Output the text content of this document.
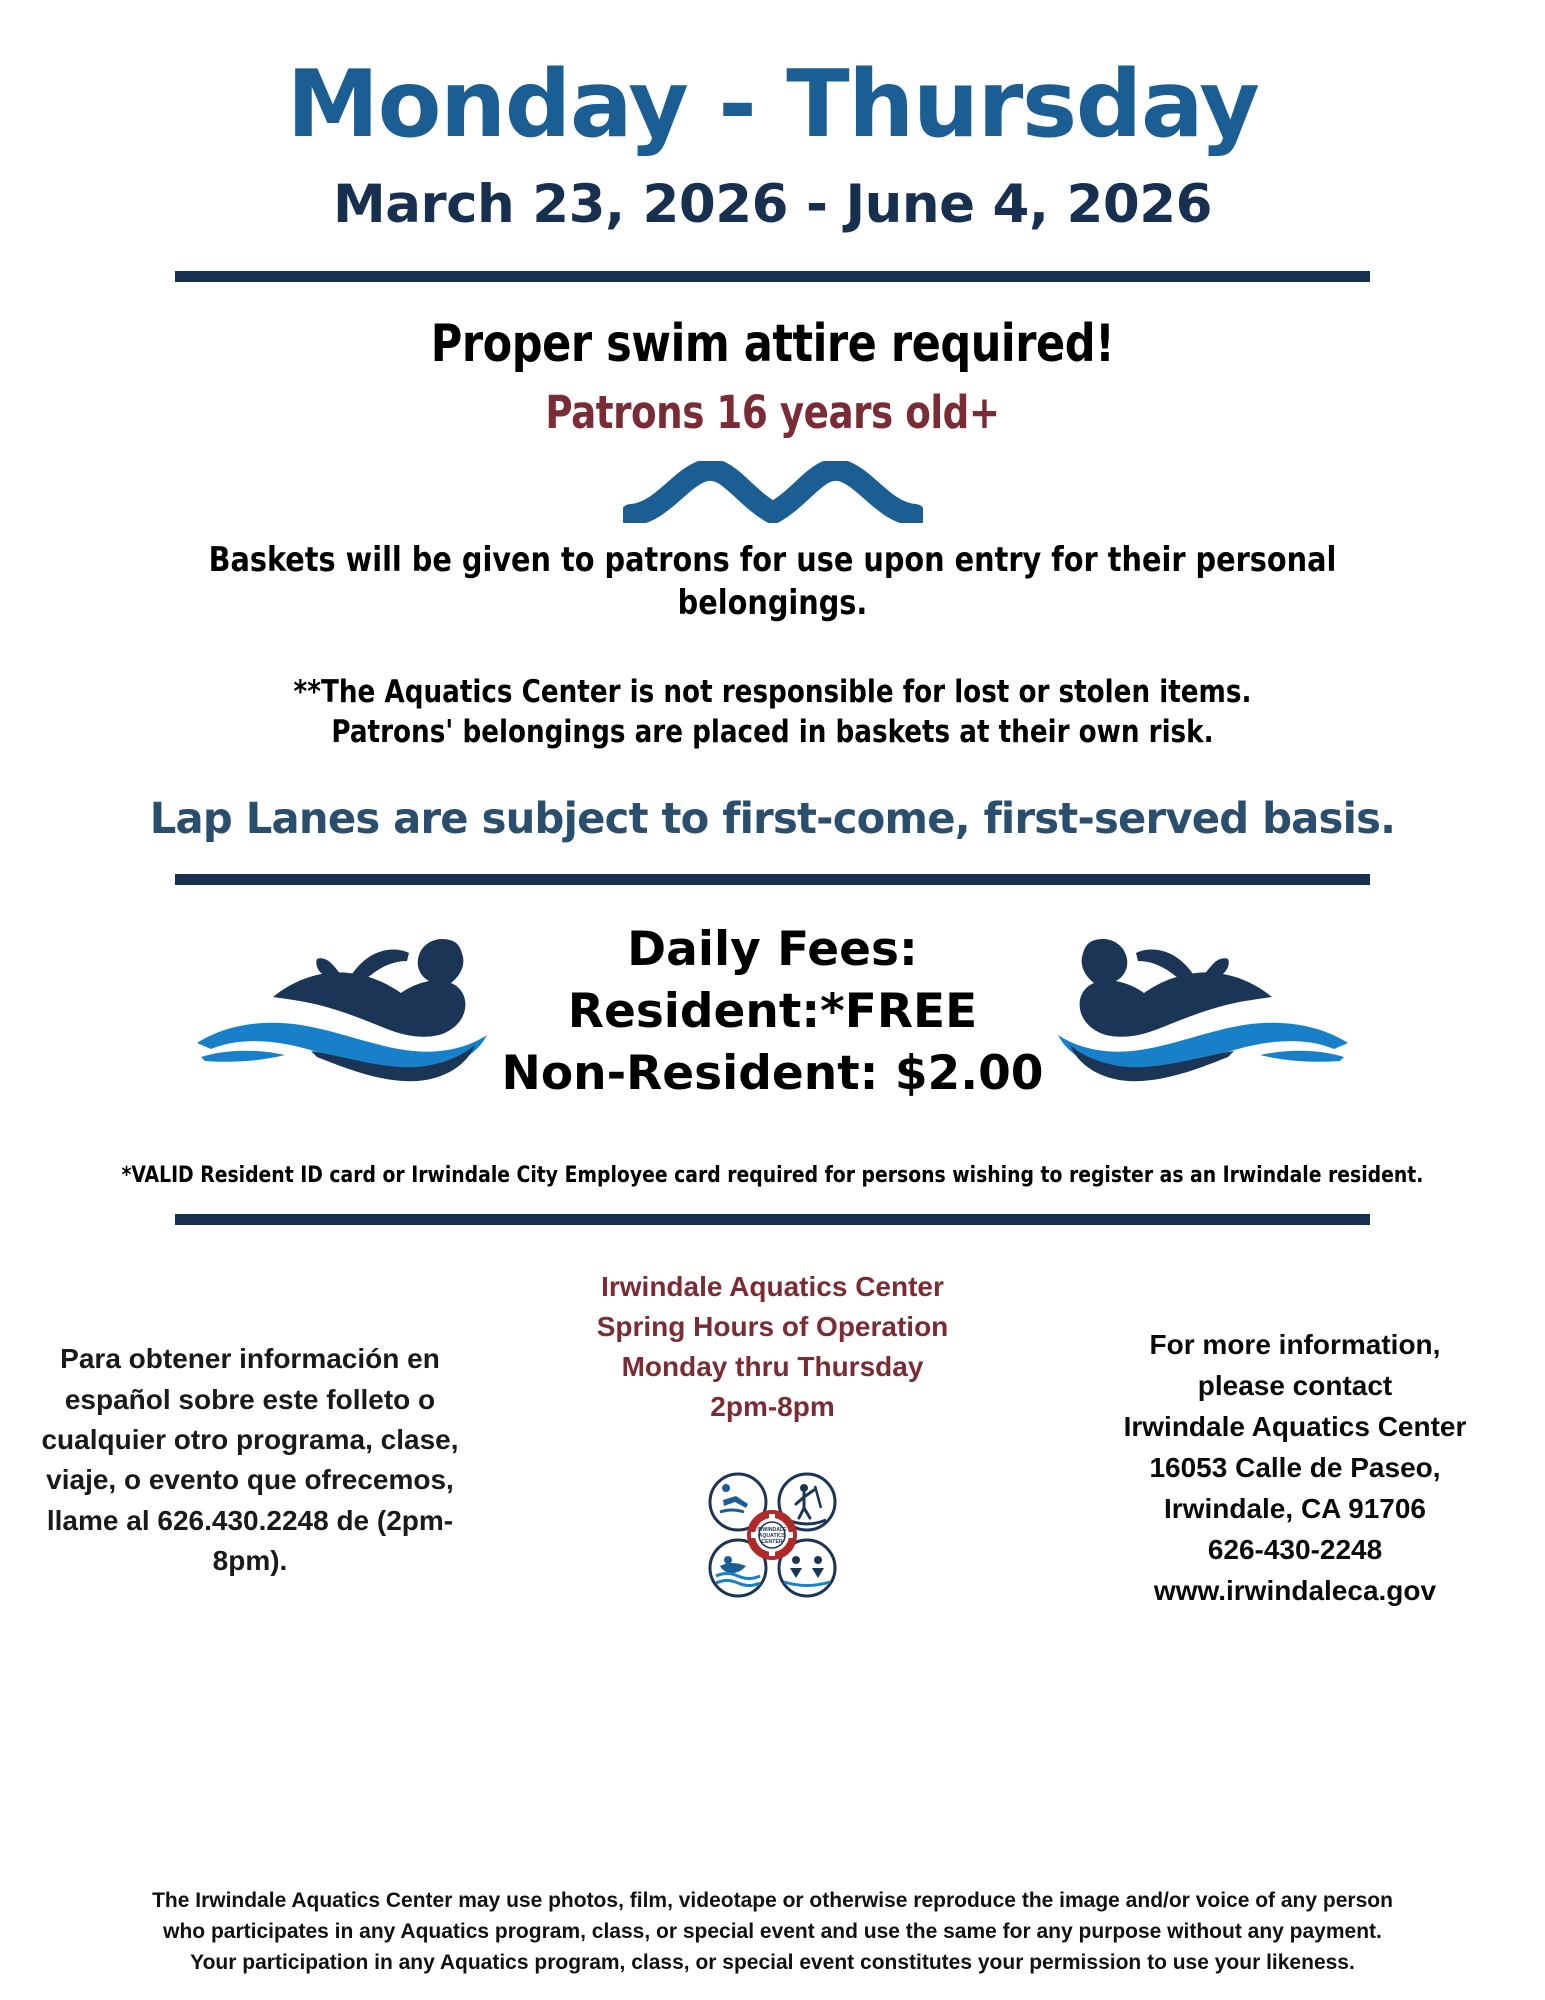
Monday - Thursday
March 23, 2026 - June 4, 2026
Proper swim attire required!
Patrons 16 years old+
Baskets will be given to patrons for use upon entry for their personal belongings.
**The Aquatics Center is not responsible for lost or stolen items.
Patrons' belongings are placed in baskets at their own risk.
Lap Lanes are subject to first-come, first-served basis.
Daily Fees:
Resident:*FREE
Non-Resident: $2.00
*VALID Resident ID card or Irwindale City Employee card required for persons wishing to register as an Irwindale resident.
Para obtener información en español sobre este folleto o cualquier otro programa, clase, viaje, o evento que ofrecemos, llame al 626.430.2248 de (2pm-8pm).
Irwindale Aquatics Center
Spring Hours of Operation
Monday thru Thursday
2pm-8pm
IRWINDALE
AQUATICS
CENTER
For more information,
please contact
Irwindale Aquatics Center
16053 Calle de Paseo,
Irwindale, CA 91706
626-430-2248
www.irwindaleca.gov
The Irwindale Aquatics Center may use photos, film, videotape or otherwise reproduce the image and/or voice of any person
who participates in any Aquatics program, class, or special event and use the same for any purpose without any payment.
Your participation in any Aquatics program, class, or special event constitutes your permission to use your likeness.
